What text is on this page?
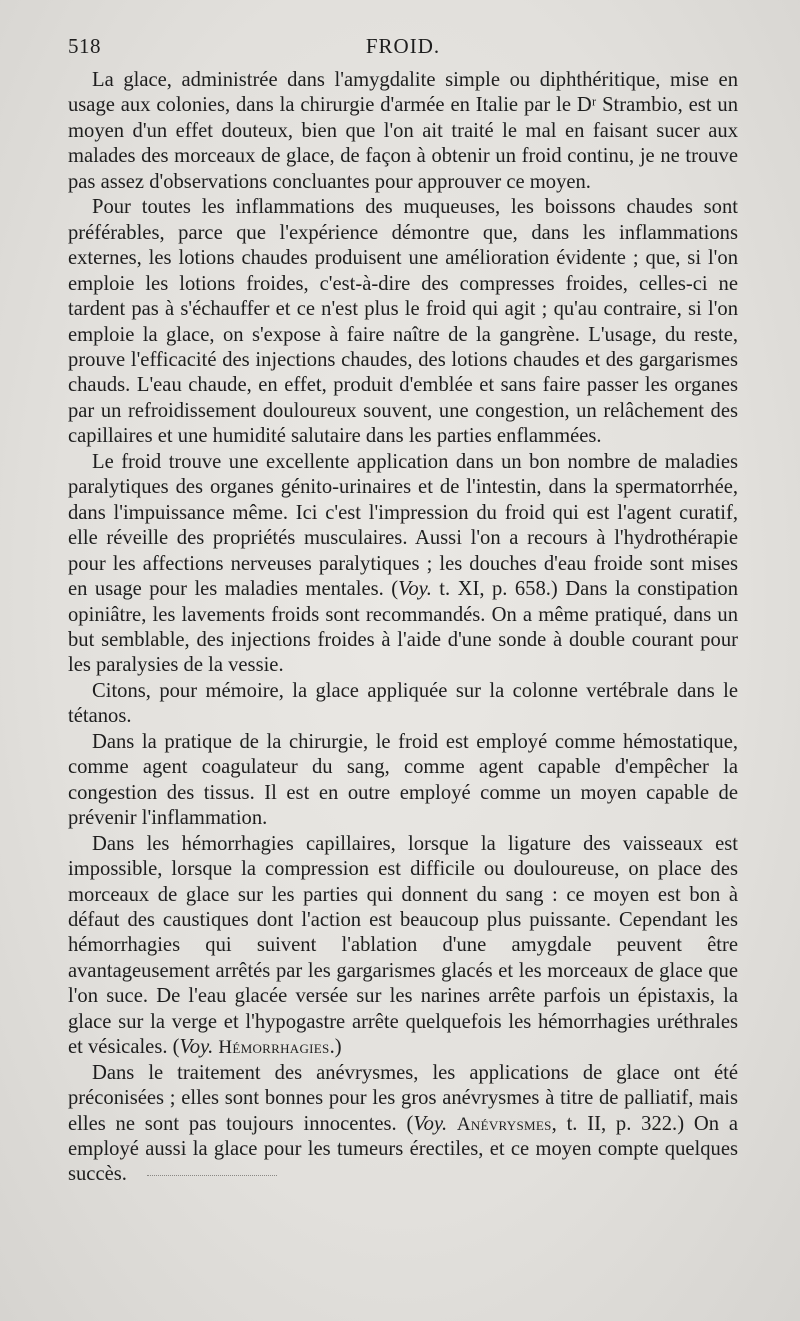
518	FROID.

La glace, administrée dans l'amygdalite simple ou diphthéritique, mise en usage aux colonies, dans la chirurgie d'armée en Italie par le Dʳ Strambio, est un moyen d'un effet douteux, bien que l'on ait traité le mal en faisant sucer aux malades des morceaux de glace, de façon à obtenir un froid continu, je ne trouve pas assez d'observations concluantes pour approuver ce moyen.

Pour toutes les inflammations des muqueuses, les boissons chaudes sont préférables, parce que l'expérience démontre que, dans les inflammations externes, les lotions chaudes produisent une amélioration évidente ; que, si l'on emploie les lotions froides, c'est-à-dire des compresses froides, celles-ci ne tardent pas à s'échauffer et ce n'est plus le froid qui agit ; qu'au contraire, si l'on emploie la glace, on s'expose à faire naître de la gangrène. L'usage, du reste, prouve l'efficacité des injections chaudes, des lotions chaudes et des gargarismes chauds. L'eau chaude, en effet, produit d'emblée et sans faire passer les organes par un refroidissement douloureux souvent, une congestion, un relâchement des capillaires et une humidité salutaire dans les parties enflammées.

Le froid trouve une excellente application dans un bon nombre de maladies paralytiques des organes génito-urinaires et de l'intestin, dans la spermatorrhée, dans l'impuissance même. Ici c'est l'impression du froid qui est l'agent curatif, elle réveille des propriétés musculaires. Aussi l'on a recours à l'hydrothérapie pour les affections nerveuses paralytiques ; les douches d'eau froide sont mises en usage pour les maladies mentales. (Voy. t. XI, p. 658.) Dans la constipation opiniâtre, les lavements froids sont recommandés. On a même pratiqué, dans un but semblable, des injections froides à l'aide d'une sonde à double courant pour les paralysies de la vessie.

Citons, pour mémoire, la glace appliquée sur la colonne vertébrale dans le tétanos.

Dans la pratique de la chirurgie, le froid est employé comme hémostatique, comme agent coagulateur du sang, comme agent capable d'empêcher la congestion des tissus. Il est en outre employé comme un moyen capable de prévenir l'inflammation.

Dans les hémorrhagies capillaires, lorsque la ligature des vaisseaux est impossible, lorsque la compression est difficile ou douloureuse, on place des morceaux de glace sur les parties qui donnent du sang : ce moyen est bon à défaut des caustiques dont l'action est beaucoup plus puissante. Cependant les hémorrhagies qui suivent l'ablation d'une amygdale peuvent être avantageusement arrêtés par les gargarismes glacés et les morceaux de glace que l'on suce. De l'eau glacée versée sur les narines arrête parfois un épistaxis, la glace sur la verge et l'hypogastre arrête quelquefois les hémorrhagies uréthrales et vésicales. (Voy. Hémorrhagies.)

Dans le traitement des anévrysmes, les applications de glace ont été préconisées ; elles sont bonnes pour les gros anévrysmes à titre de palliatif, mais elles ne sont pas toujours innocentes. (Voy. Anévrysmes, t. II, p. 322.) On a employé aussi la glace pour les tumeurs érectiles, et ce moyen compte quelques succès.
